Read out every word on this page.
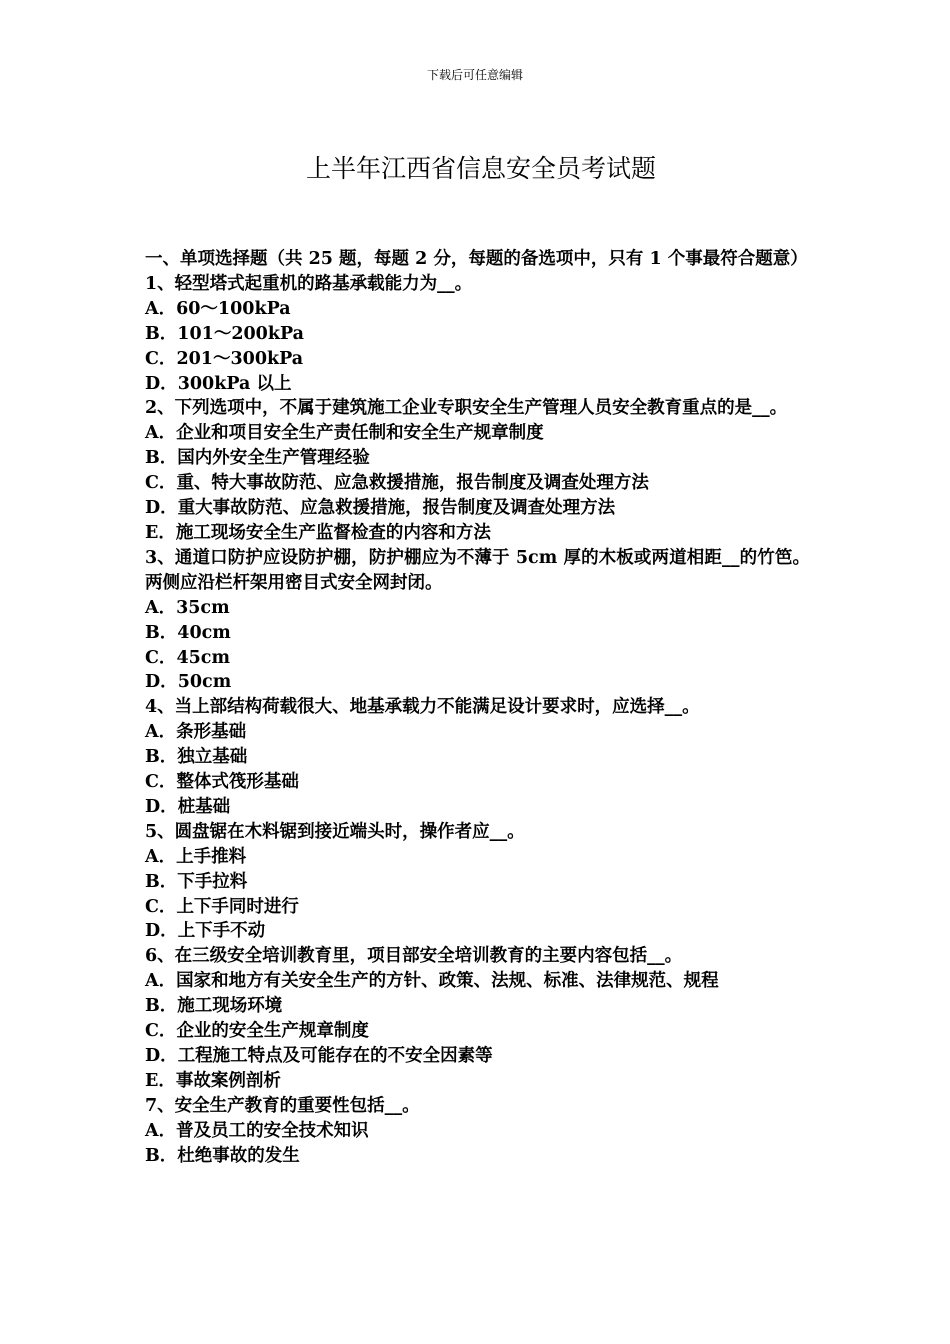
下载后可任意编辑
上半年江西省信息安全员考试题

一、单项选择题（共 25 题，每题 2 分，每题的备选项中，只有 1 个事最符合题意）

1、轻型塔式起重机的路基承载能力为__。

A．60～100kPa

B．101～200kPa

C．201～300kPa

D．300kPa 以上

2、下列选项中，不属于建筑施工企业专职安全生产管理人员安全教育重点的是__。

A．企业和项目安全生产责任制和安全生产规章制度

B．国内外安全生产管理经验

C．重、特大事故防范、应急救援措施，报告制度及调查处理方法

D．重大事故防范、应急救援措施，报告制度及调查处理方法

E．施工现场安全生产监督检查的内容和方法

3、通道口防护应设防护棚，防护棚应为不薄于 5cm 厚的木板或两道相距__的竹笆。两侧应沿栏杆架用密目式安全网封闭。

A．35cm

B．40cm

C．45cm

D．50cm

4、当上部结构荷载很大、地基承载力不能满足设计要求时，应选择__。

A．条形基础

B．独立基础

C．整体式筏形基础

D．桩基础

5、圆盘锯在木料锯到接近端头时，操作者应__。

A．上手推料

B．下手拉料

C．上下手同时进行

D．上下手不动

6、在三级安全培训教育里，项目部安全培训教育的主要内容包括__。

A．国家和地方有关安全生产的方针、政策、法规、标准、法律规范、规程

B．施工现场环境

C．企业的安全生产规章制度

D．工程施工特点及可能存在的不安全因素等

E．事故案例剖析

7、安全生产教育的重要性包括__。

A．普及员工的安全技术知识

B．杜绝事故的发生
